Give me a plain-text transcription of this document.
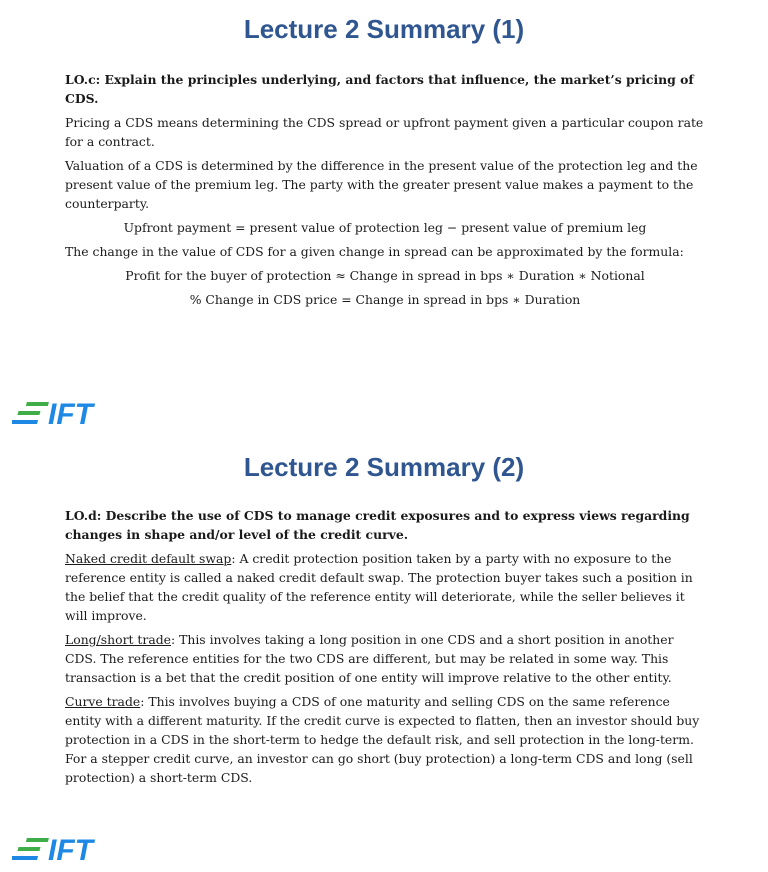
Lecture 2 Summary (1)

LO.c: Explain the principles underlying, and factors that influence, the market’s pricing of CDS.

Pricing a CDS means determining the CDS spread or upfront payment given a particular coupon rate for a contract.

Valuation of a CDS is determined by the difference in the present value of the protection leg and the present value of the premium leg. The party with the greater present value makes a payment to the counterparty.

Upfront payment = present value of protection leg − present value of premium leg

The change in the value of CDS for a given change in spread can be approximated by the formula:

Profit for the buyer of protection ≈ Change in spread in bps ∗ Duration ∗ Notional

% Change in CDS price = Change in spread in bps ∗ Duration

IFT
Lecture 2 Summary (2)

LO.d: Describe the use of CDS to manage credit exposures and to express views regarding changes in shape and/or level of the credit curve.

Naked credit default swap: A credit protection position taken by a party with no exposure to the reference entity is called a naked credit default swap. The protection buyer takes such a position in the belief that the credit quality of the reference entity will deteriorate, while the seller believes it will improve.

Long/short trade: This involves taking a long position in one CDS and a short position in another CDS. The reference entities for the two CDS are different, but may be related in some way. This transaction is a bet that the credit position of one entity will improve relative to the other entity.

Curve trade: This involves buying a CDS of one maturity and selling CDS on the same reference entity with a different maturity. If the credit curve is expected to flatten, then an investor should buy protection in a CDS in the short-term to hedge the default risk, and sell protection in the long-term. For a stepper credit curve, an investor can go short (buy protection) a long-term CDS and long (sell protection) a short-term CDS.

IFT
